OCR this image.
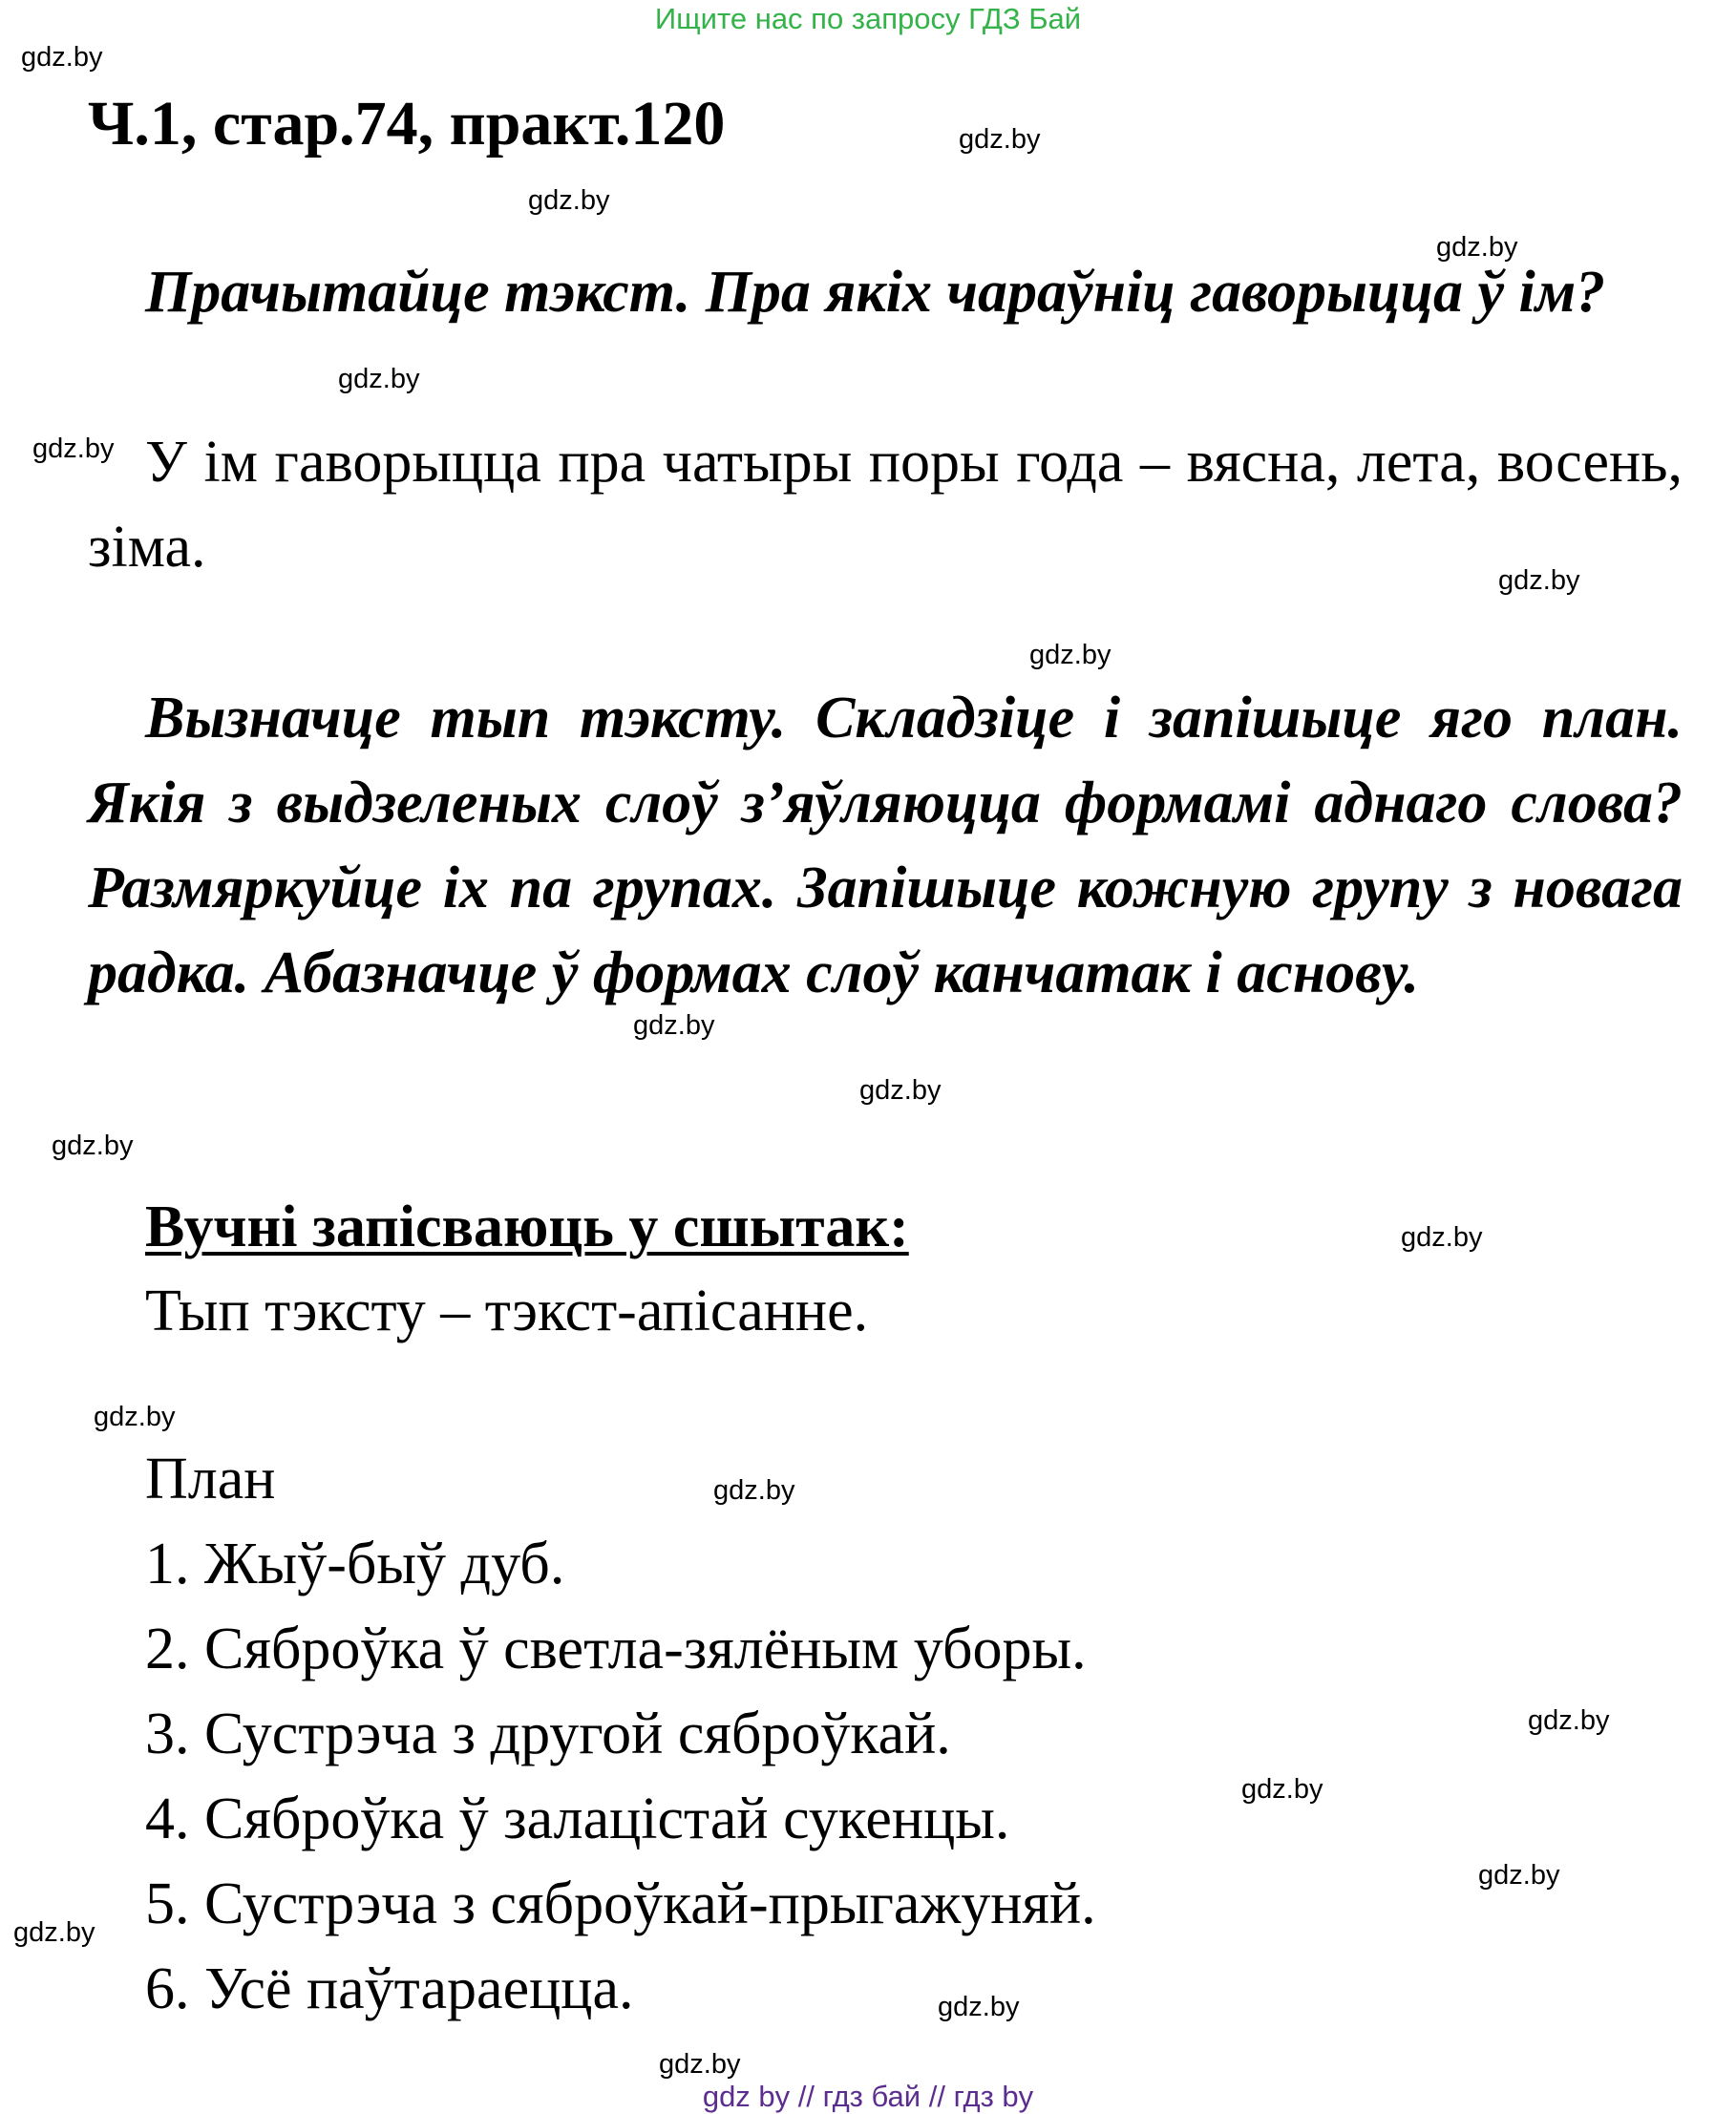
Ищите нас по запросу ГДЗ Бай
gdz.by
gdz.by
gdz.by
gdz.by
gdz.by
gdz.by
gdz.by
gdz.by
gdz.by
gdz.by
gdz.by
gdz.by
gdz.by
gdz.by
gdz.by
gdz.by
gdz.by
gdz.by
gdz.by
gdz.by
Ч.1, стар.74, практ.120
Прачытайце тэкст. Пра якіх чараўніц гаворыцца ў ім?
У ім гаворыцца пра чатыры поры года – вясна, лета, восень, зіма.
Вызначце тып тэксту. Складзіце і запішыце яго план. Якія з выдзеленых слоў з’яўляюцца формамі аднаго слова? Размяркуйце іх па групах. Запішыце кожную групу з новага радка. Абазначце ў формах слоў канчатак і аснову.
Вучні запісваюць у сшытак:
Тып тэксту – тэкст-апісанне.
План
1. Жыў-быў дуб.
2. Сяброўка ў светла-зялёным уборы.
3. Сустрэча з другой сяброўкай.
4. Сяброўка ў залацістай сукенцы.
5. Сустрэча з сяброўкай-прыгажуняй.
6. Усё паўтараецца.
gdz by // гдз бай // гдз by
